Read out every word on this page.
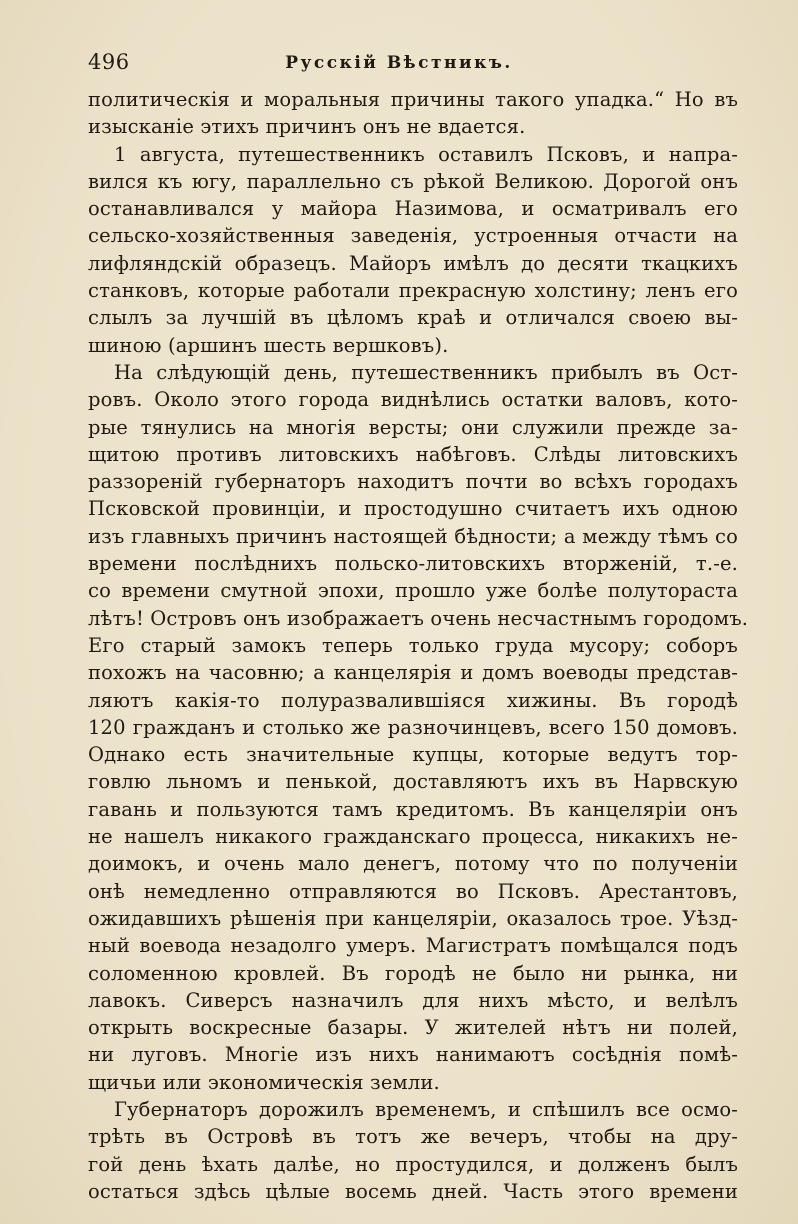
496	Русскій Вѣстникъ.
политическія и моральныя причины такого упадка.“ Но въ
изысканіе этихъ причинъ онъ не вдается.
1 августа, путешественникъ оставилъ Псковъ, и напра-
вился къ югу, параллельно съ рѣкой Великою. Дорогой онъ
останавливался у майора Назимова, и осматривалъ его
сельско-хозяйственныя заведенія, устроенныя отчасти на
лифляндскій образецъ. Майоръ имѣлъ до десяти ткацкихъ
станковъ, которые работали прекрасную холстину; ленъ его
слылъ за лучшій въ цѣломъ краѣ и отличался своею вы-
шиною (аршинъ шесть вершковъ).
На слѣдующій день, путешественникъ прибылъ въ Ост-
ровъ. Около этого города виднѣлись остатки валовъ, кото-
рые тянулись на многія версты; они служили прежде за-
щитою противъ литовскихъ набѣговъ. Слѣды литовскихъ
раззореній губернаторъ находитъ почти во всѣхъ городахъ
Псковской провинціи, и простодушно считаетъ ихъ одною
изъ главныхъ причинъ настоящей бѣдности; а между тѣмъ со
времени послѣднихъ польско-литовскихъ вторженій, т.-е.
со времени смутной эпохи, прошло уже болѣе полутораста
лѣтъ! Островъ онъ изображаетъ очень несчастнымъ городомъ.
Его старый замокъ теперь только груда мусору; соборъ
похожъ на часовню; а канцелярія и домъ воеводы представ-
ляютъ какія-то полуразвалившіяся хижины. Въ городѣ
120 гражданъ и столько же разночинцевъ, всего 150 домовъ.
Однако есть значительные купцы, которые ведутъ тор-
говлю льномъ и пенькой, доставляютъ ихъ въ Нарвскую
гавань и пользуются тамъ кредитомъ. Въ канцеляріи онъ
не нашелъ никакого гражданскаго процесса, никакихъ не-
доимокъ, и очень мало денегъ, потому что по полученіи
онѣ немедленно отправляются во Псковъ. Арестантовъ,
ожидавшихъ рѣшенія при канцеляріи, оказалось трое. Уѣзд-
ный воевода незадолго умеръ. Магистратъ помѣщался подъ
соломенною кровлей. Въ городѣ не было ни рынка, ни
лавокъ. Сиверсъ назначилъ для нихъ мѣсто, и велѣлъ
открыть воскресные базары. У жителей нѣтъ ни полей,
ни луговъ. Многіе изъ нихъ нанимаютъ сосѣднія помѣ-
щичьи или экономическія земли.
Губернаторъ дорожилъ временемъ, и спѣшилъ все осмо-
трѣть въ Островѣ въ тотъ же вечеръ, чтобы на дру-
гой день ѣхать далѣе, но простудился, и долженъ былъ
остаться здѣсь цѣлые восемь дней. Часть этого времени
